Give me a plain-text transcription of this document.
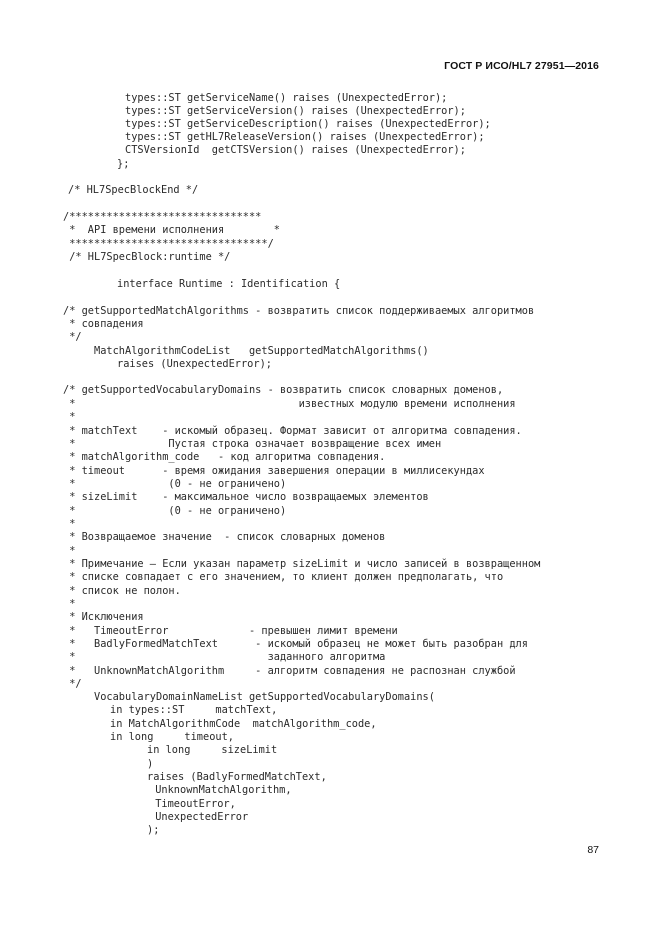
ГОСТ Р ИСО/HL7 27951—2016
types::ST getServiceName() raises (UnexpectedError);
types::ST getServiceVersion() raises (UnexpectedError);
types::ST getServiceDescription() raises (UnexpectedError);
types::ST getHL7ReleaseVersion() raises (UnexpectedError);
CTSVersionId  getCTSVersion() raises (UnexpectedError);
};
/* HL7SpecBlockEnd */
/*******************************
*  API времени исполнения        *
********************************/
/* HL7SpecBlock:runtime */
interface Runtime : Identification {
/* getSupportedMatchAlgorithms - возвратить список поддерживаемых алгоритмов
* совпадения
*/
MatchAlgorithmCodeList   getSupportedMatchAlgorithms()
raises (UnexpectedError);
/* getSupportedVocabularyDomains - возвратить список словарных доменов,
*                                    известных модулю времени исполнения
*
* matchText    - искомый образец. Формат зависит от алгоритма совпадения.
*               Пустая строка означает возвращение всех имен
* matchAlgorithm_code   - код алгоритма совпадения.
* timeout      - время ожидания завершения операции в миллисекундах
*               (0 - не ограничено)
* sizeLimit    - максимальное число возвращаемых элементов
*               (0 - не ограничено)
*
* Возвращаемое значение  - список словарных доменов
*
* Примечание — Если указан параметр sizeLimit и число записей в возвращенном
* списке совпадает с его значением, то клиент должен предполагать, что
* список не полон.
*
* Исключения
*   TimeoutError             - превышен лимит времени
*   BadlyFormedMatchText      - искомый образец не может быть разобран для
*                               заданного алгоритма
*   UnknownMatchAlgorithm     - алгоритм совпадения не распознан службой
*/
VocabularyDomainNameList getSupportedVocabularyDomains(
in types::ST     matchText,
in MatchAlgorithmCode  matchAlgorithm_code,
in long     timeout,
in long     sizeLimit
)
raises (BadlyFormedMatchText,
UnknownMatchAlgorithm,
TimeoutError,
UnexpectedError
);
87
